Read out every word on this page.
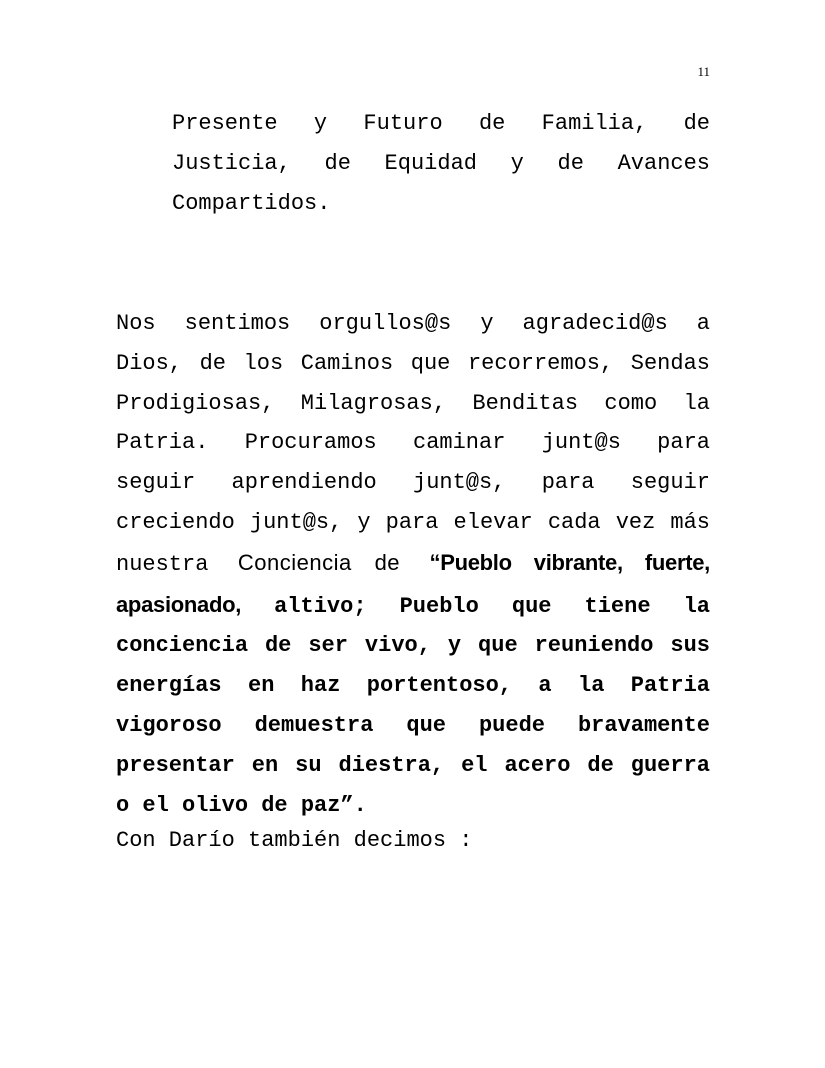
11

Presente y Futuro de Familia, de Justicia, de Equidad y de Avances Compartidos.

Nos sentimos orgullos@s y agradecid@s a Dios, de los Caminos que recorremos, Sendas Prodigiosas, Milagrosas, Benditas como la Patria. Procuramos caminar junt@s para seguir aprendiendo junt@s, para seguir creciendo junt@s, y para elevar cada vez más nuestra Conciencia de “Pueblo vibrante, fuerte, apasionado, altivo; Pueblo que tiene la conciencia de ser vivo, y que reuniendo sus energías en haz portentoso, a la Patria vigoroso demuestra que puede bravamente presentar en su diestra, el acero de guerra o el olivo de paz”.

Con Darío también decimos :
